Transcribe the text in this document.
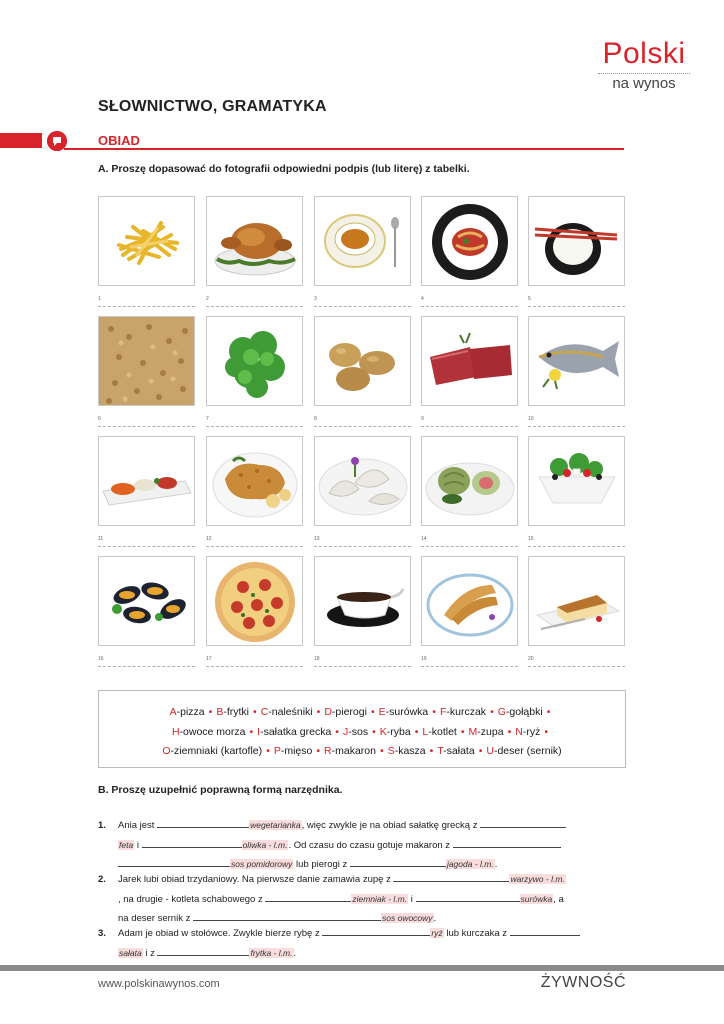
Polski
na wynos
SŁOWNICTWO, GRAMATYKA
OBIAD
A. Proszę dopasować do fotografii odpowiedni podpis (lub literę) z tabelki.
1	2	3	4	5
6	7	8	9	10
11	12	13	14	15
16	17	18	19	20
A-pizza • B-frytki • C-naleśniki • D-pierogi • E-surówka • F-kurczak • G-gołąbki •
H-owoce morza • I-sałatka grecka • J-sos • K-ryba • L-kotlet • M-zupa • N-ryż •
O-ziemniaki (kartofle) • P-mięso • R-makaron • S-kasza • T-sałata • U-deser (sernik)
B. Proszę uzupełnić poprawną formą narzędnika.
1. Ania jest	wegetarianka, więc zwykle je na obiad sałatkę grecką z
feta i	oliwka - l.m.. Od czasu do czasu gotuje makaron z
sos pomidorowy lub pierogi z	jagoda - l.m..
2. Jarek lubi obiad trzydaniowy. Na pierwsze danie zamawia zupę z	warzywo - l.m.
, na drugie - kotleta schabowego z	ziemniak - l.m. i	surówka, a
na deser sernik z	sos owocowy.
3. Adam je obiad w stołówce. Zwykle bierze rybę z	ryż lub kurczaka z
sałata i z	frytka - l.m..
www.polskinawynos.com	ŻYWNOŚĆ
